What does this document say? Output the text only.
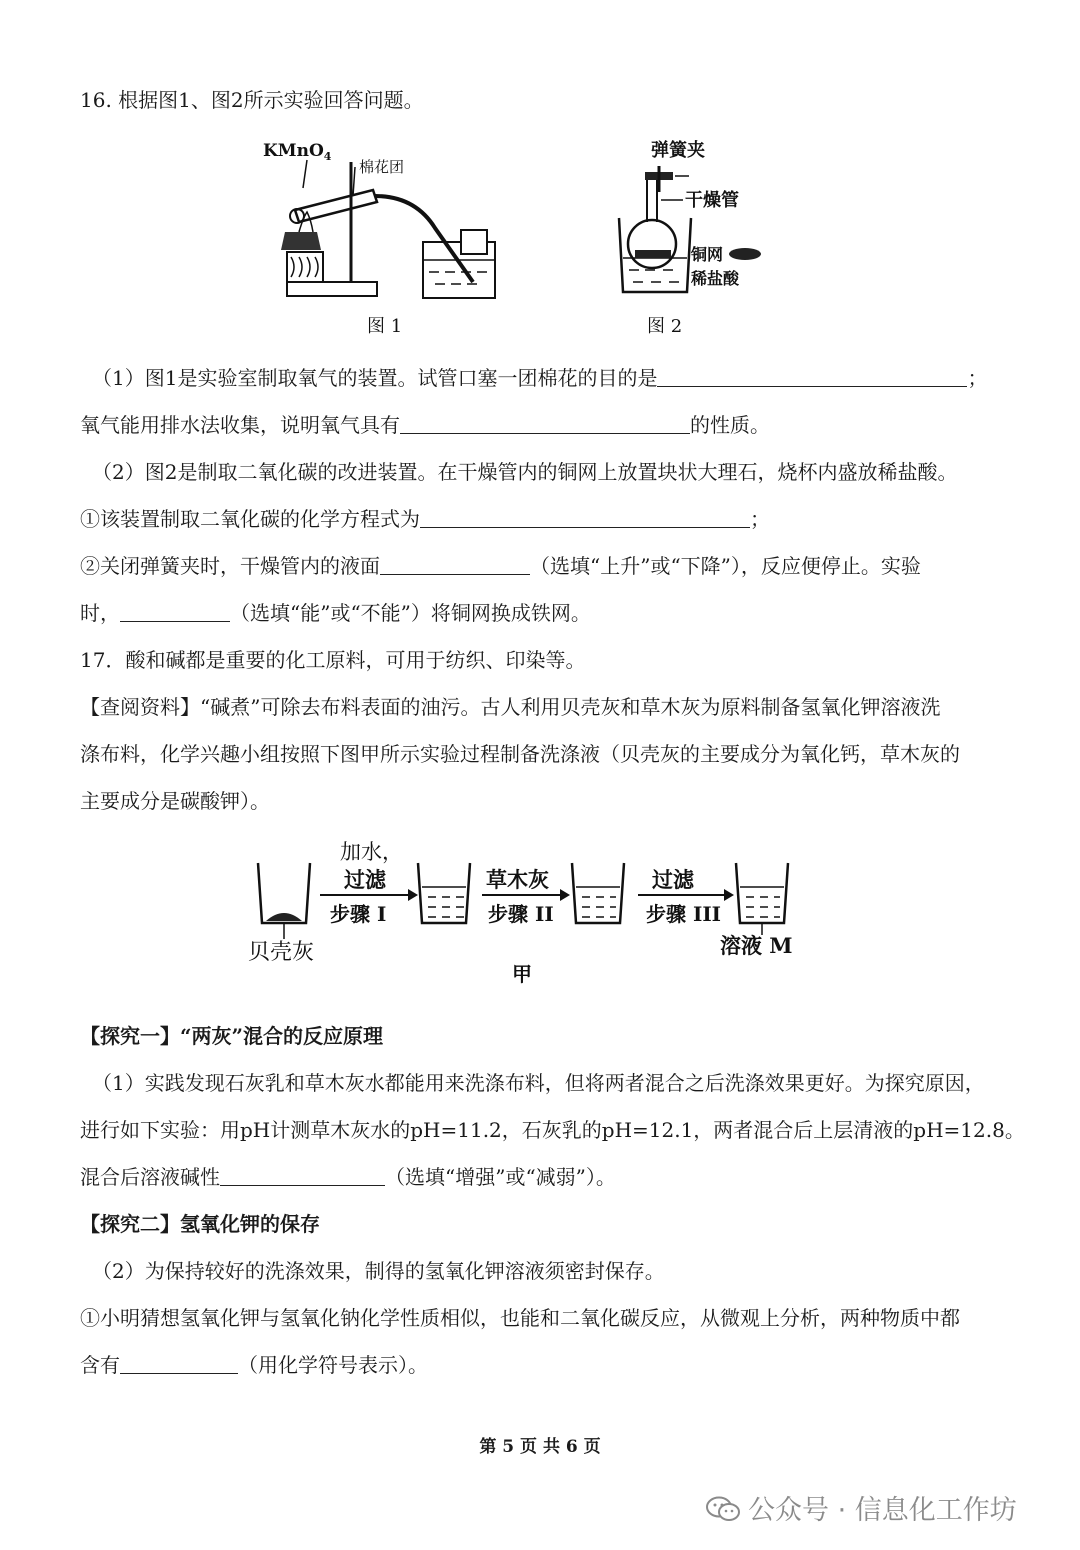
16. 根据图1、图2所示实验回答问题。
KMnO$_4$
棉花团
图 1
弹簧夹
干燥管
铜网
稀盐酸
图 2
（1）图1是实验室制取氧气的装置。试管口塞一团棉花的目的是	；
氧气能用排水法收集，说明氧气具有	的性质。
（2）图2是制取二氧化碳的改进装置。在干燥管内的铜网上放置块状大理石，烧杯内盛放稀盐酸。
①该装置制取二氧化碳的化学方程式为	；
②关闭弹簧夹时，干燥管内的液面	（选填“上升”或“下降”），反应便停止。实验
时，	（选填“能”或“不能”）将铜网换成铁网。
17．酸和碱都是重要的化工原料，可用于纺织、印染等。
【查阅资料】“碱煮”可除去布料表面的油污。古人利用贝壳灰和草木灰为原料制备氢氧化钾溶液洗
涤布料，化学兴趣小组按照下图甲所示实验过程制备洗涤液（贝壳灰的主要成分为氧化钙，草木灰的
主要成分是碳酸钾）。
贝壳灰
加水，
过滤
步骤 I
草木灰
步骤 II
过滤
步骤 III
溶液 M
甲
【探究一】“两灰”混合的反应原理
（1）实践发现石灰乳和草木灰水都能用来洗涤布料，但将两者混合之后洗涤效果更好。为探究原因，
进行如下实验：用pH计测草木灰水的pH=11.2，石灰乳的pH=12.1，两者混合后上层清液的pH=12.8。
混合后溶液碱性	（选填“增强”或“减弱”）。
【探究二】氢氧化钾的保存
（2）为保持较好的洗涤效果，制得的氢氧化钾溶液须密封保存。
①小明猜想氢氧化钾与氢氧化钠化学性质相似，也能和二氧化碳反应，从微观上分析，两种物质中都
含有	（用化学符号表示）。
第 5 页 共 6 页
公众号 · 信息化工作坊
